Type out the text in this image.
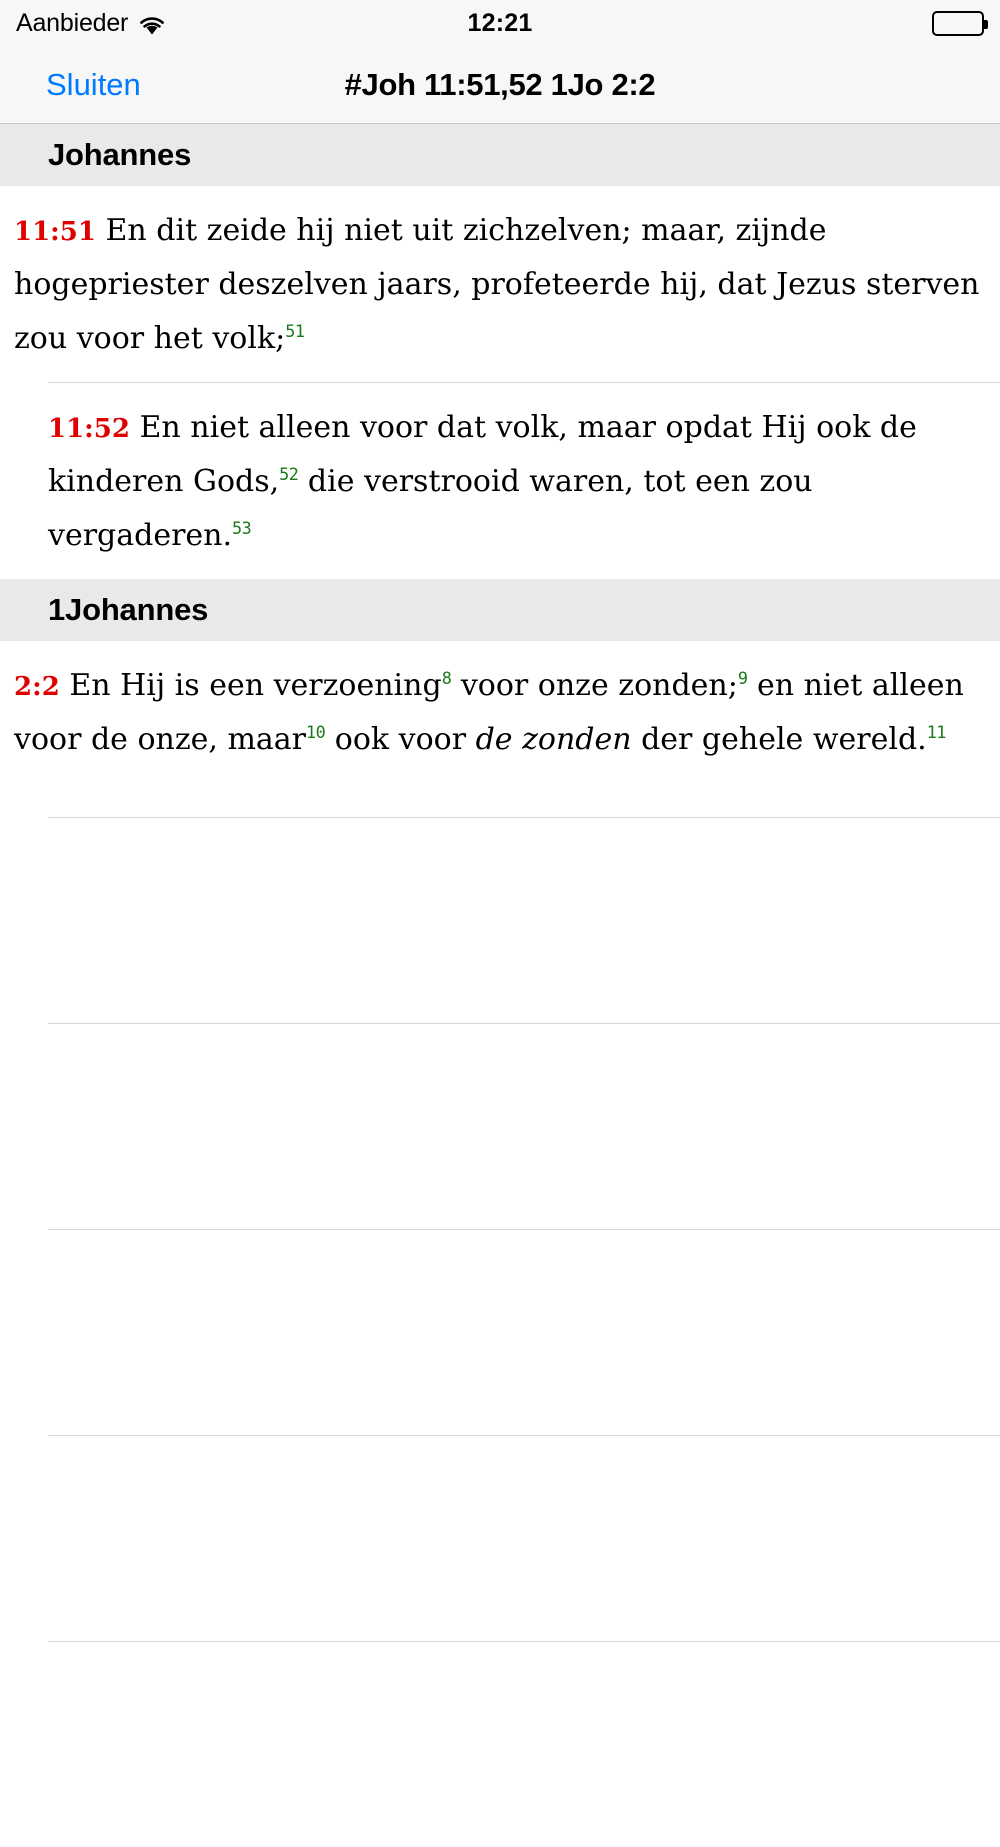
Aanbieder	12:21
Sluiten	#Joh 11:51,52 1Jo 2:2
Johannes
11:51 En dit zeide hij niet uit zichzelven; maar, zijnde hogepriester deszelven jaars, profeteerde hij, dat Jezus sterven zou voor het volk;$^{51}$
11:52 En niet alleen voor dat volk, maar opdat Hij ook de kinderen Gods,$^{52}$ die verstrooid waren, tot een zou vergaderen.$^{53}$
1Johannes
2:2 En Hij is een verzoening$^8$ voor onze zonden;$^9$ en niet alleen voor de onze, maar$^{10}$ ook voor de zonden der gehele wereld.$^{11}$
